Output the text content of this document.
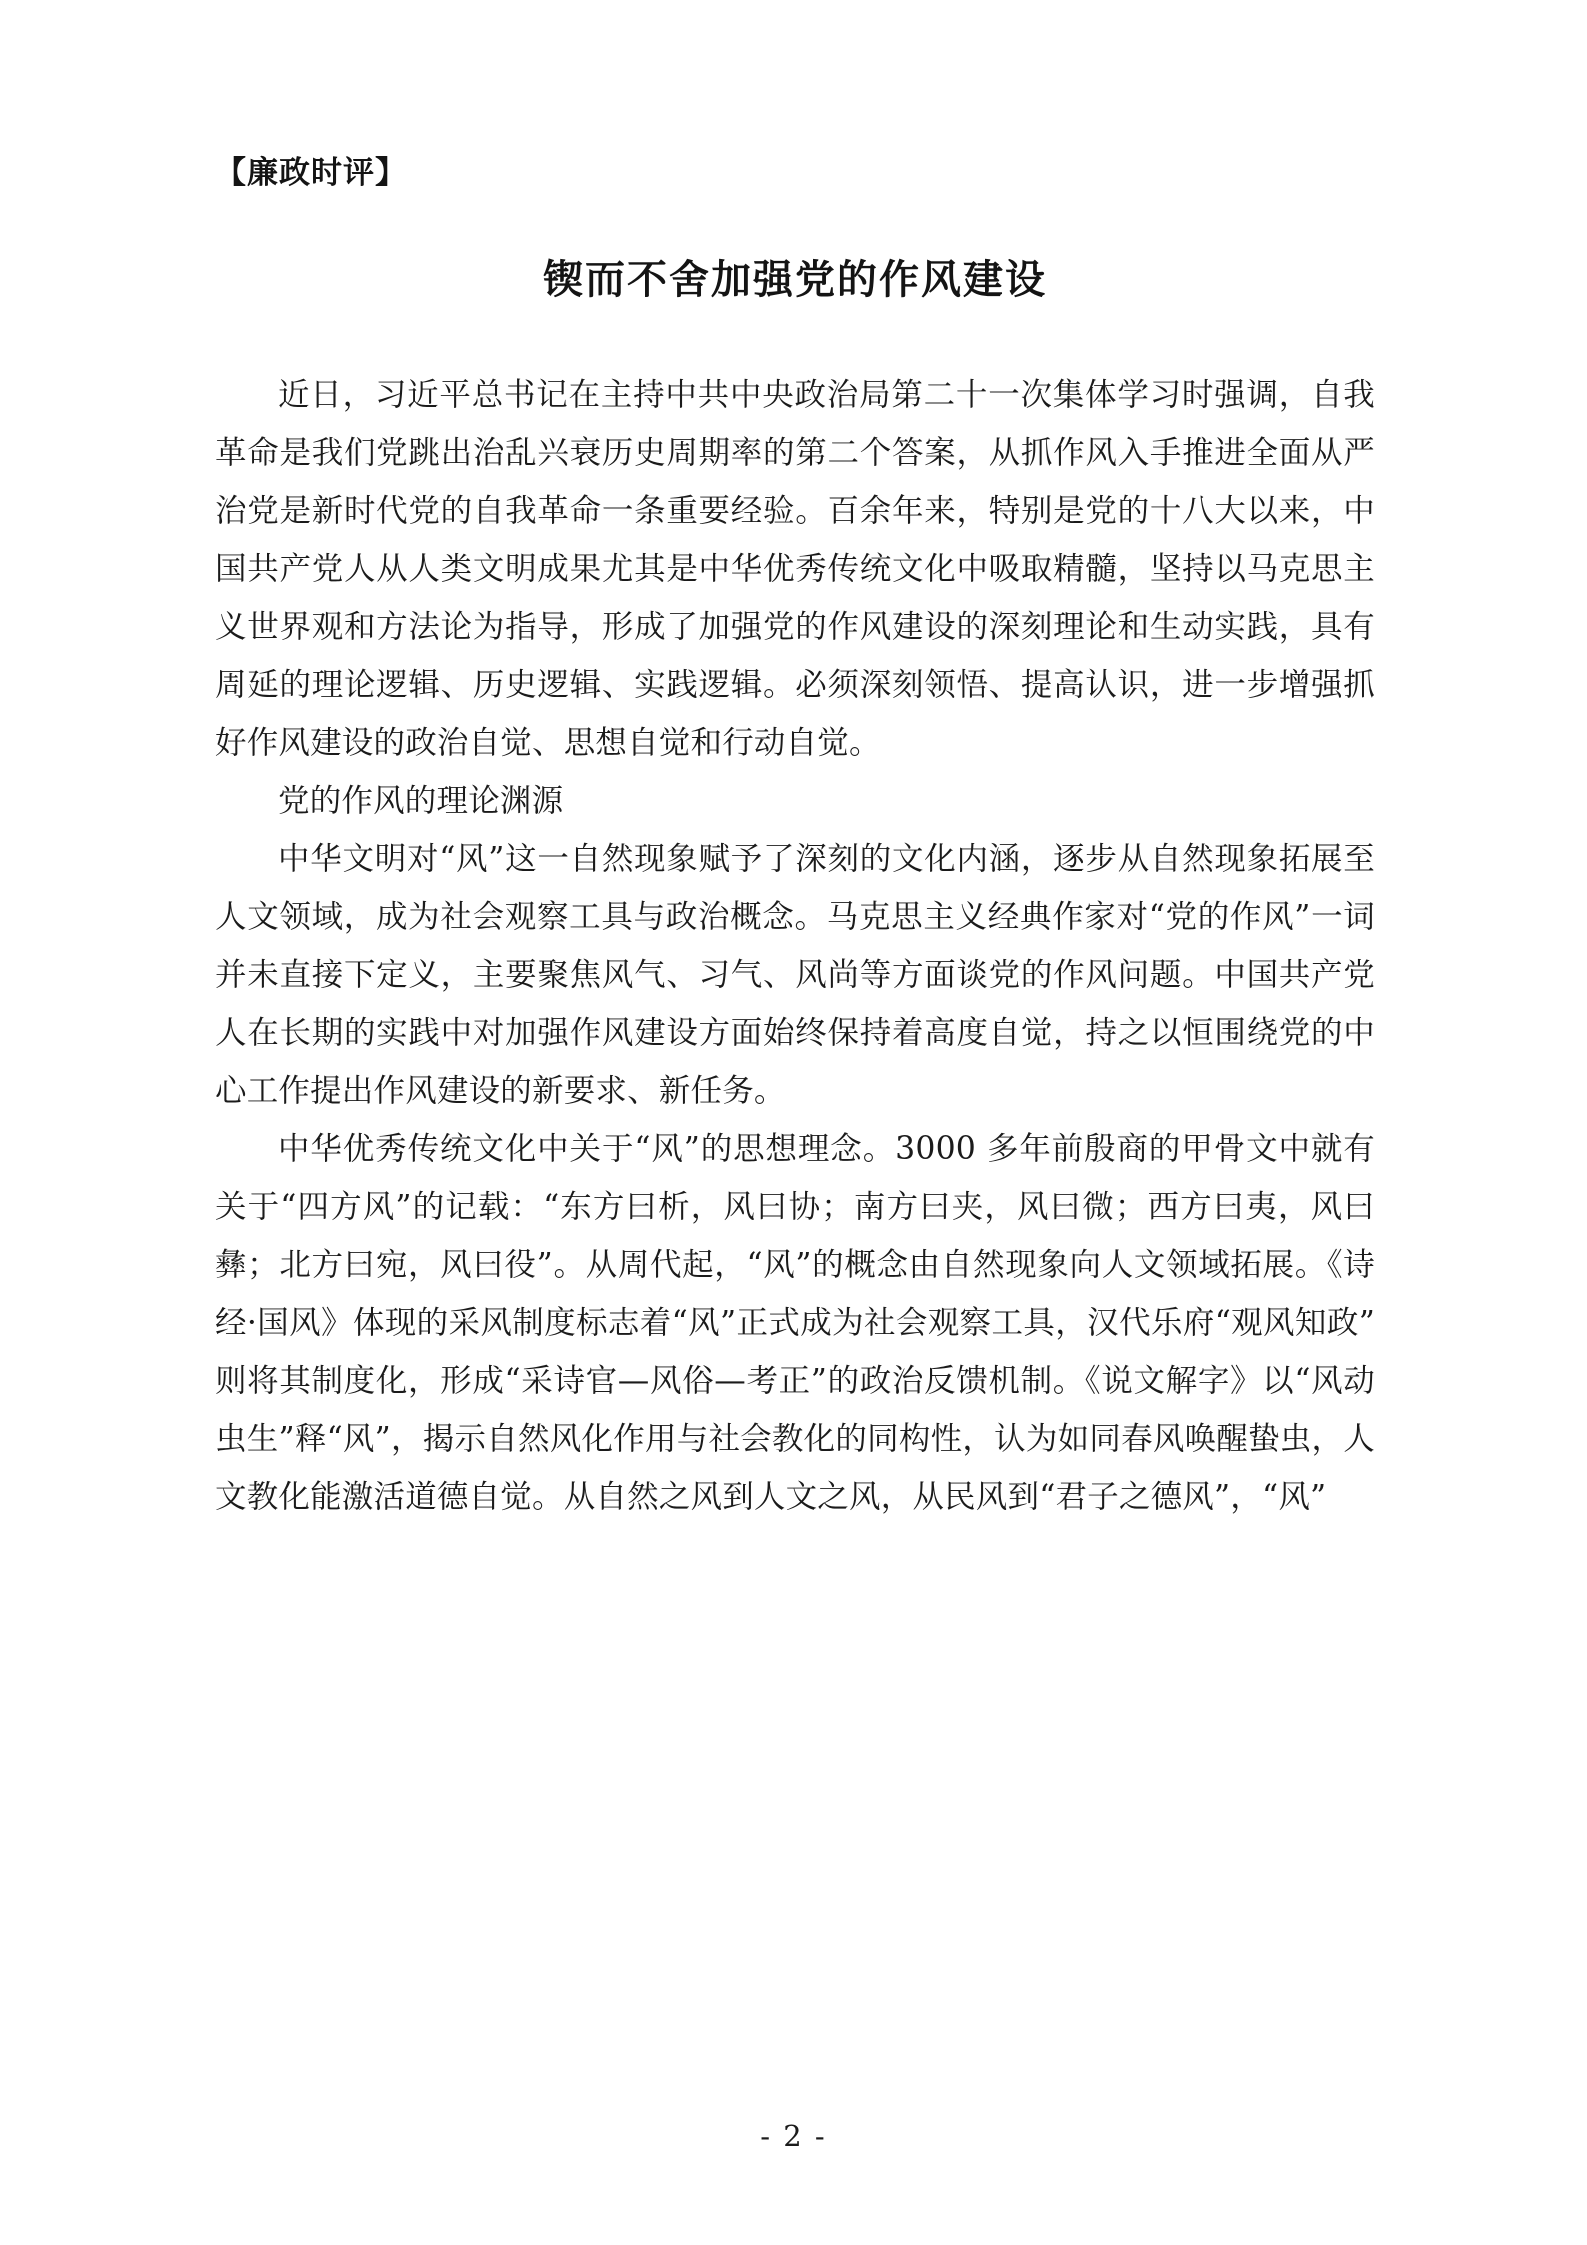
【廉政时评】
锲而不舍加强党的作风建设

近日，习近平总书记在主持中共中央政治局第二十一次集体学习时强调，自我革命是我们党跳出治乱兴衰历史周期率的第二个答案，从抓作风入手推进全面从严治党是新时代党的自我革命一条重要经验。百余年来，特别是党的十八大以来，中国共产党人从人类文明成果尤其是中华优秀传统文化中吸取精髓，坚持以马克思主义世界观和方法论为指导，形成了加强党的作风建设的深刻理论和生动实践，具有周延的理论逻辑、历史逻辑、实践逻辑。必须深刻领悟、提高认识，进一步增强抓好作风建设的政治自觉、思想自觉和行动自觉。

党的作风的理论渊源

中华文明对“风”这一自然现象赋予了深刻的文化内涵，逐步从自然现象拓展至人文领域，成为社会观察工具与政治概念。马克思主义经典作家对“党的作风”一词并未直接下定义，主要聚焦风气、习气、风尚等方面谈党的作风问题。中国共产党人在长期的实践中对加强作风建设方面始终保持着高度自觉，持之以恒围绕党的中心工作提出作风建设的新要求、新任务。

中华优秀传统文化中关于“风”的思想理念。3000 多年前殷商的甲骨文中就有关于“四方风”的记载：“东方曰析，风曰协；南方曰夹，风曰微；西方曰夷，风曰彝；北方曰宛，风曰役”。从周代起，“风”的概念由自然现象向人文领域拓展。《诗经·国风》体现的采风制度标志着“风”正式成为社会观察工具，汉代乐府“观风知政”则将其制度化，形成“采诗官—风俗—考正”的政治反馈机制。《说文解字》以“风动虫生”释“风”，揭示自然风化作用与社会教化的同构性，认为如同春风唤醒蛰虫，人文教化能激活道德自觉。从自然之风到人文之风，从民风到“君子之德风”，“风”

- 2 -
